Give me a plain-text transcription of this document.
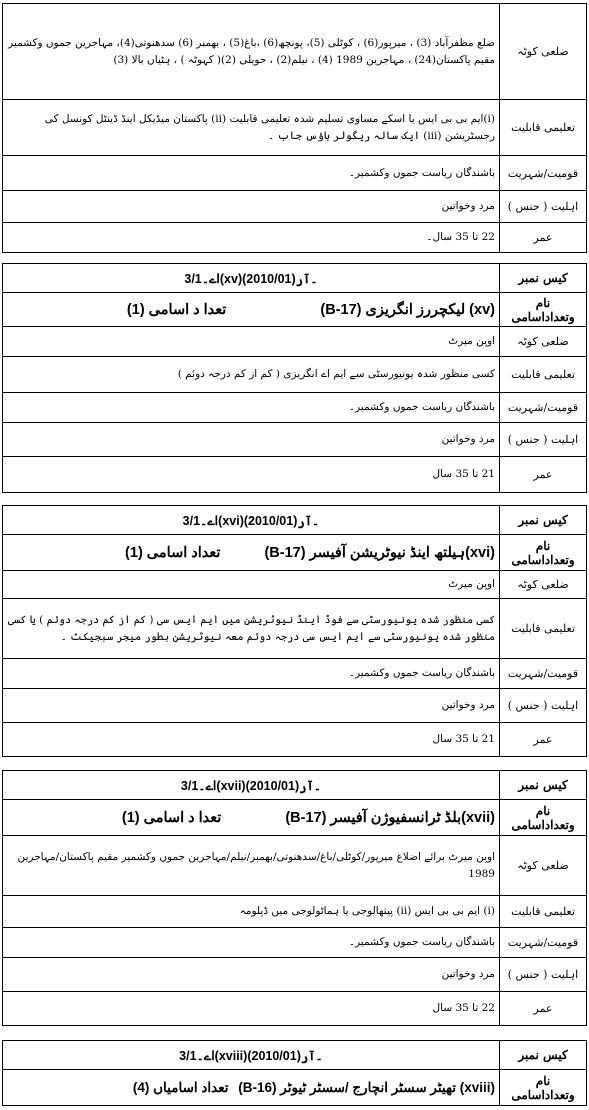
ضلعی کوٹہ	ضلع مظفرآباد (3) ، میرپور(6) ، کوٹلی (5)، پونچھ(6) ،باغ(5) ، بھمبر (6) سدھنوتی(4)، مہاجرین جموں وکشمیر مقیم پاکستان(24) ، مہاجرین 1989 (4) ، نیلم(2) ، حویلی (2)( کہوٹہ ) ، ہٹیاں بالا (3)
تعلیمی قابلیت	(i)ایم بی بی ایس یا اسکے مساوی تسلیم شدہ تعلیمی قابلیت (ii) پاکستان میڈیکل اینڈ ڈینٹل کونسل کی رجسٹریشن (iii) ایک سالہ ریگولر ہاؤس جاب ۔
قومیت/شہریت	باشندگان ریاست جموں وکشمیر۔
اہلیت ( جنس )	مرد وخواتین
عمر	22 تا 35 سال۔
کیس نمبر	اے۔3/1(xv)۔آر(2010/01)
نام وتعداداسامی	(xv) لیکچررز انگریزی (B-17) تعدا د اسامی (1)
ضلعی کوٹہ	اوپن میرٹ
تعلیمی قابلیت	کسی منظور شدہ یونیورسٹی سے ایم اے انگریزی ( کم از کم درجہ دوئم )
قومیت/شہریت	باشندگان ریاست جموں وکشمیر۔
اہلیت ( جنس )	مرد وخواتین
عمر	21 تا 35 سال
کیس نمبر	اے۔3/1(xvi)۔آر(2010/01)
نام وتعداداسامی	(xvi)ہیلتھ اینڈ نیوٹریشن آفیسر (B-17) تعداد اسامی (1)
ضلعی کوٹہ	اوپن میرٹ
تعلیمی قابلیت	کسی منظور شدہ یونیورسٹی سے فوڈ اینڈ نیوٹریشن میں ایم ایس سی ( کم از کم درجہ دوئم ) یا کسی منظور شدہ یونیورسٹی سے ایم ایس سی درجہ دوئم معہ نیوٹریشن بطور میجر سبجیکٹ ۔
قومیت/شہریت	باشندگان ریاست جموں وکشمیر۔
اہلیت ( جنس )	مرد وخواتین
عمر	21 تا 35 سال
کیس نمبر	اے۔3/1(xvii)۔آر(2010/01)
نام وتعداداسامی	(xvii)بلڈ ٹرانسفیوژن آفیسر (B-17) تعدا د اسامی (1)
ضلعی کوٹہ	اوپن میرٹ برائے اضلاع میرپور/کوٹلی/باغ/سدھنوتی/بھمبر/نیلم/مہاجرین جموں وکشمیر مقیم پاکستان/مہاجرین 1989
تعلیمی قابلیت	(i) ایم بی بی ایس (ii) پیتھالوجی یا ہماٹولوجی میں ڈپلومہ
قومیت/شہریت	باشندگان ریاست جموں وکشمیر۔
اہلیت ( جنس )	مرد وخواتین
عمر	22 تا 35 سال
کیس نمبر	اے۔3/1(xviii)۔آر(2010/01)
نام وتعداداسامی	(xviii) تھیٹر سسٹر انچارج /سسٹر ٹیوٹر (B-16) تعداد اسامیاں (4)
